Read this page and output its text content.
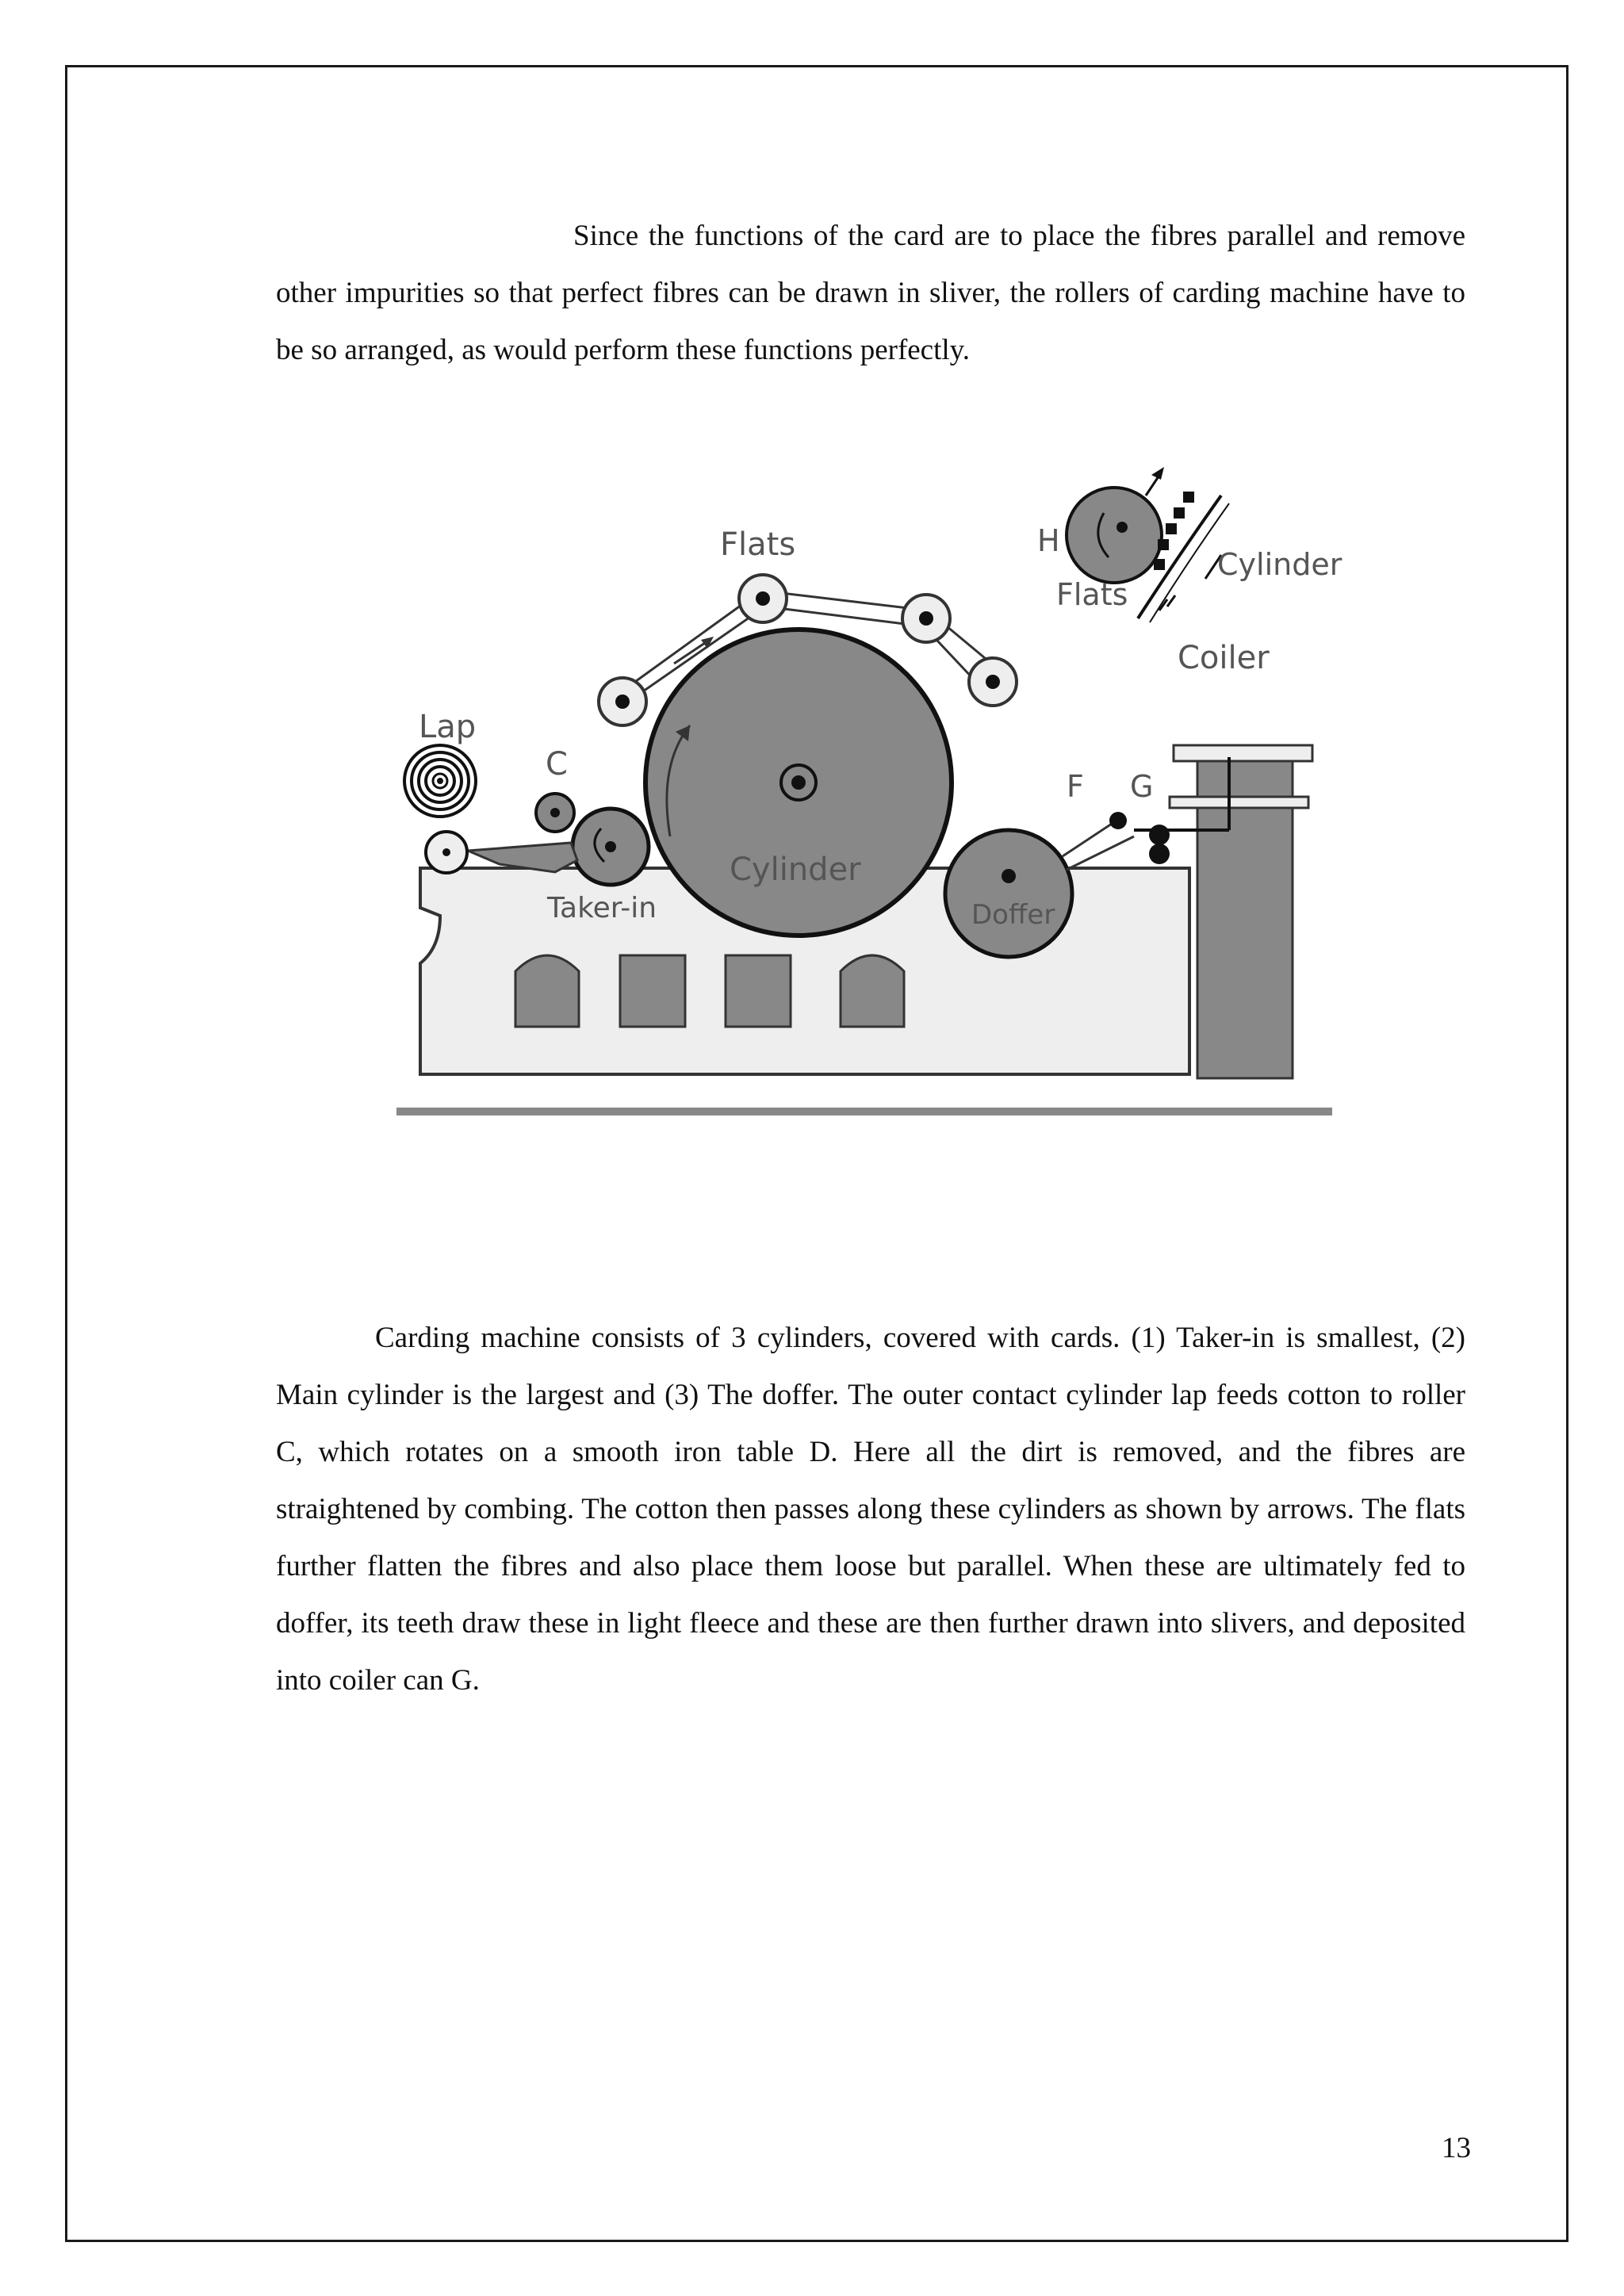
Since the functions of the card are to place the fibres parallel and remove other impurities so that perfect fibres can be drawn in sliver, the rollers of carding machine have to be so arranged, as would perform these functions perfectly.

Flats	H
Flats
Cylinder
Coiler
Lap
C
F G
Taker-in
Cylinder
Doffer

Carding machine consists of 3 cylinders, covered with cards. (1) Taker-in is smallest, (2) Main cylinder is the largest and (3) The doffer. The outer contact cylinder lap feeds cotton to roller C, which rotates on a smooth iron table D. Here all the dirt is removed, and the fibres are straightened by combing. The cotton then passes along these cylinders as shown by arrows. The flats further flatten the fibres and also place them loose but parallel. When these are ultimately fed to doffer, its teeth draw these in light fleece and these are then further drawn into slivers, and deposited into coiler can G.

13
